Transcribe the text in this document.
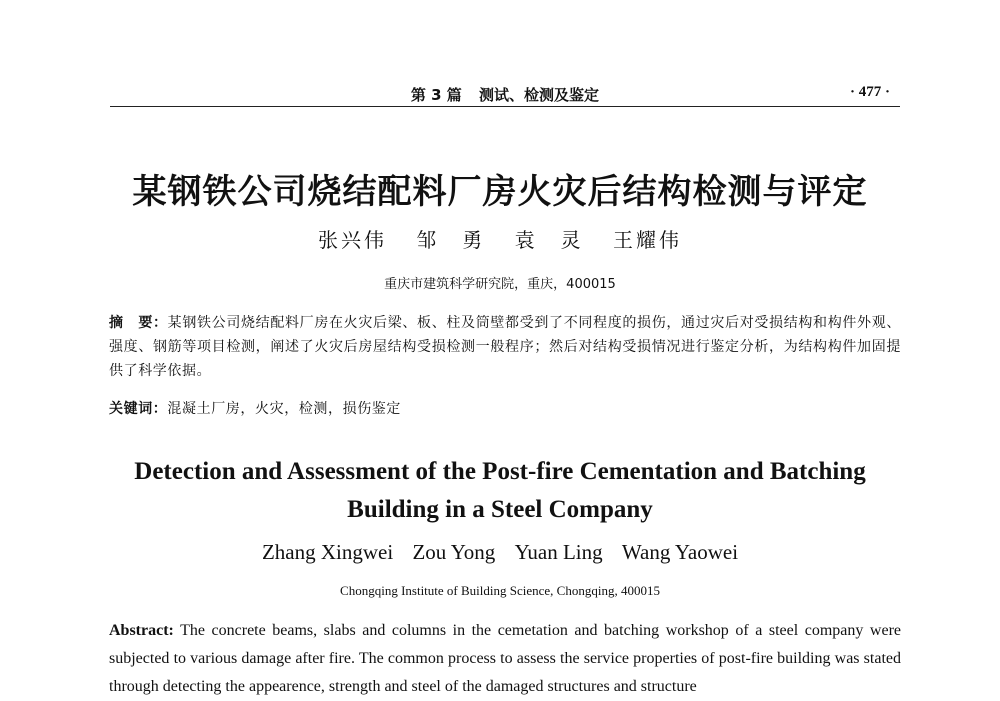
第 3 篇 测试、检测及鉴定	· 477 ·
某钢铁公司烧结配料厂房火灾后结构检测与评定
张兴伟 邹　勇 袁　灵 王耀伟
重庆市建筑科学研究院，重庆，400015
摘　要：某钢铁公司烧结配料厂房在火灾后梁、板、柱及筒壁都受到了不同程度的损伤，通过灾后对受损结构和构件外观、强度、钢筋等项目检测，阐述了火灾后房屋结构受损检测一般程序；然后对结构受损情况进行鉴定分析，为结构构件加固提供了科学依据。
关键词：混凝土厂房，火灾，检测，损伤鉴定
Detection and Assessment of the Post-fire Cementation and Batching Building in a Steel Company
Zhang Xingwei Zou Yong Yuan Ling Wang Yaowei
Chongqing Institute of Building Science, Chongqing, 400015
Abstract: The concrete beams, slabs and columns in the cemetation and batching workshop of a steel company were subjected to various damage after fire. The common process to assess the service properties of post-fire building was stated through detecting the appearence, strength and steel of the damaged structures and structure
